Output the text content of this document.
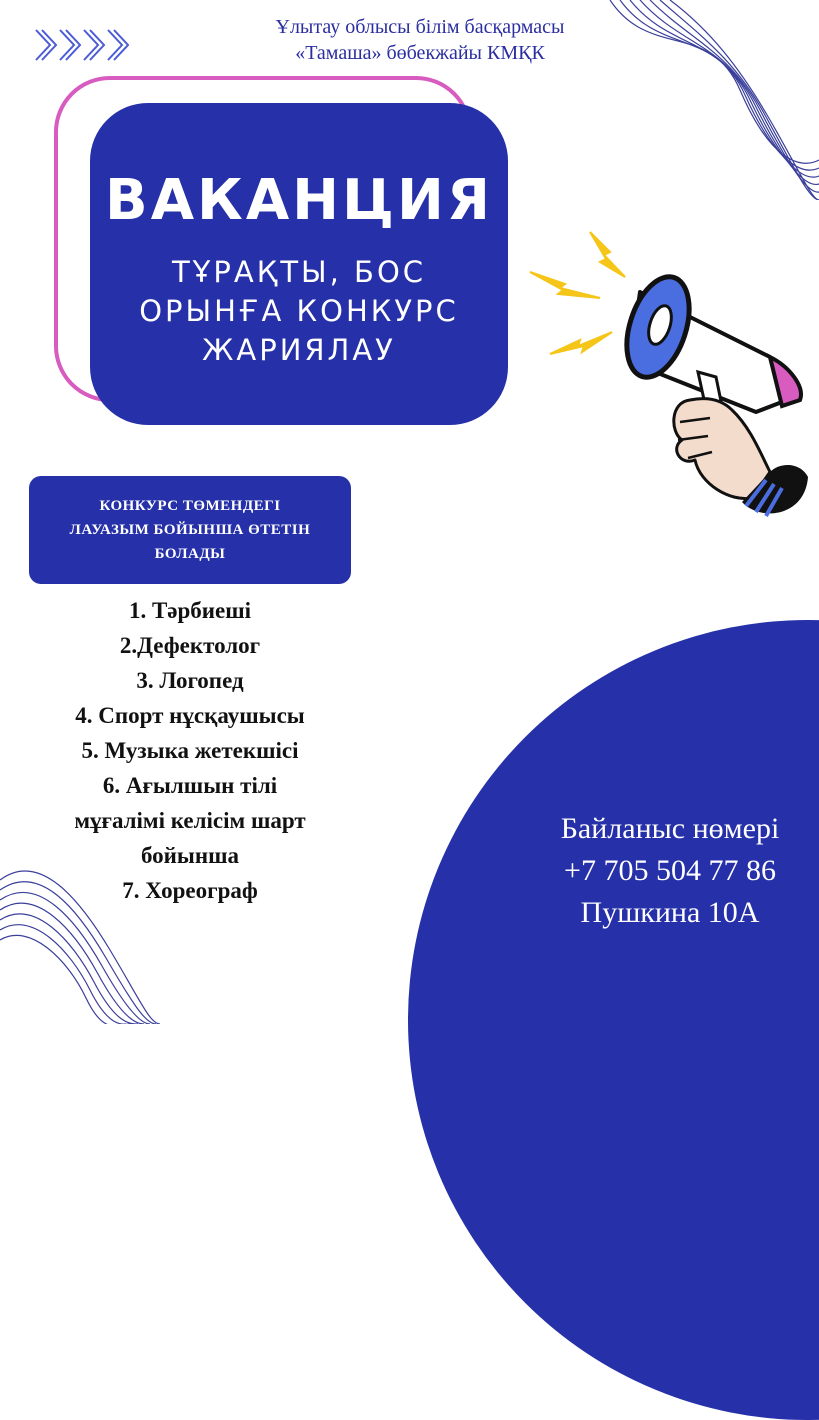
Ұлытау облысы білім басқармасы
«Тамаша» бөбекжайы КМҚК
ВАКАНЦИЯ
ТҰРАҚТЫ, БОС
ОРЫНҒА КОНКУРС
ЖАРИЯЛАУ
КОНКУРС ТӨМЕНДЕГІ
ЛАУАЗЫМ БОЙЫНША ӨТЕТІН
БОЛАДЫ
1. Тәрбиеші
2.Дефектолог
3. Логопед
4. Спорт нұсқаушысы
5. Музыка жетекшісі
6. Ағылшын тілі
мұғалімі келісім шарт
бойынша
7. Хореограф
Байланыс нөмері
+7 705 504 77 86
Пушкина 10А
